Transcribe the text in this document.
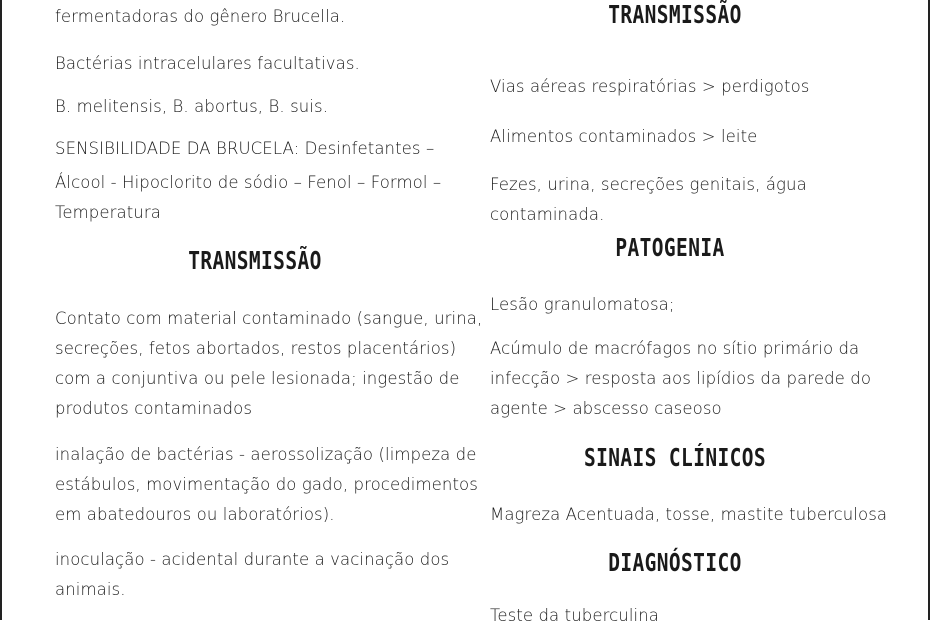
fermentadoras do gênero Brucella.

Bactérias intracelulares facultativas.

B. melitensis, B. abortus, B. suis.

SENSIBILIDADE DA BRUCELA: Desinfetantes –

Álcool - Hipoclorito de sódio – Fenol – Formol –

Temperatura

TRANSMISSÃO

Contato com material contaminado (sangue, urina,

secreções, fetos abortados, restos placentários)

com a conjuntiva ou pele lesionada; ingestão de

produtos contaminados

inalação de bactérias - aerossolização (limpeza de

estábulos, movimentação do gado, procedimentos

em abatedouros ou laboratórios).

inoculação - acidental durante a vacinação dos

animais.

TRANSMISSÃO

Vias aéreas respiratórias > perdigotos

Alimentos contaminados > leite

Fezes, urina, secreções genitais, água

contaminada.

PATOGENIA

Lesão granulomatosa;

Acúmulo de macrófagos no sítio primário da

infecção > resposta aos lipídios da parede do

agente > abscesso caseoso

SINAIS CLÍNICOS

Magreza Acentuada, tosse, mastite tuberculosa

DIAGNÓSTICO

Teste da tuberculina
